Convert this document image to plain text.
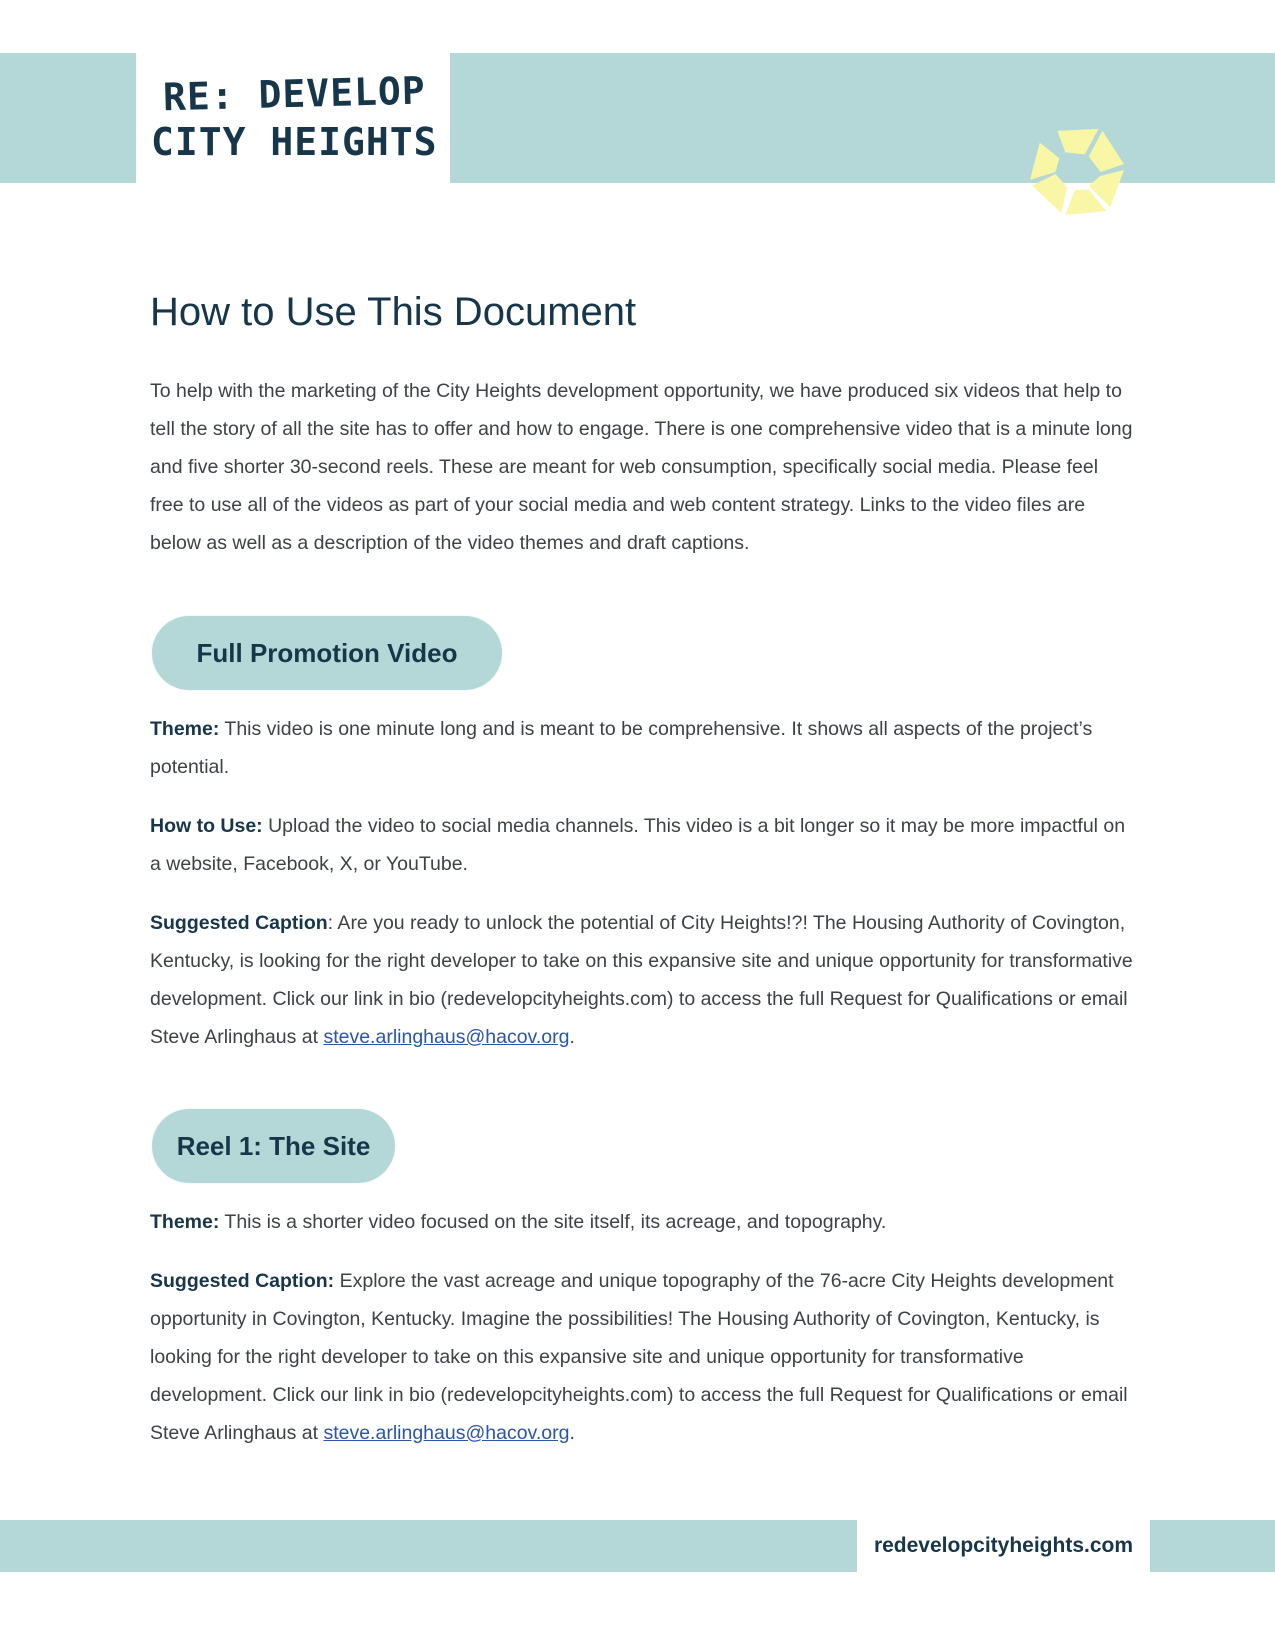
RE: DEVELOP
CITY HEIGHTS
How to Use This Document

To help with the marketing of the City Heights development opportunity, we have produced six videos that help to tell the story of all the site has to offer and how to engage. There is one comprehensive video that is a minute long and five shorter 30-second reels. These are meant for web consumption, specifically social media. Please feel free to use all of the videos as part of your social media and web content strategy. Links to the video files are below as well as a description of the video themes and draft captions.

Full Promotion Video

Theme: This video is one minute long and is meant to be comprehensive. It shows all aspects of the project’s potential.

How to Use: Upload the video to social media channels. This video is a bit longer so it may be more impactful on a website, Facebook, X, or YouTube.

Suggested Caption: Are you ready to unlock the potential of City Heights!?! The Housing Authority of Covington, Kentucky, is looking for the right developer to take on this expansive site and unique opportunity for transformative development. Click our link in bio (redevelopcityheights.com) to access the full Request for Qualifications or email Steve Arlinghaus at steve.arlinghaus@hacov.org.

Reel 1: The Site

Theme: This is a shorter video focused on the site itself, its acreage, and topography.

Suggested Caption: Explore the vast acreage and unique topography of the 76-acre City Heights development opportunity in Covington, Kentucky. Imagine the possibilities! The Housing Authority of Covington, Kentucky, is looking for the right developer to take on this expansive site and unique opportunity for transformative development. Click our link in bio (redevelopcityheights.com) to access the full Request for Qualifications or email Steve Arlinghaus at steve.arlinghaus@hacov.org.

redevelopcityheights.com
